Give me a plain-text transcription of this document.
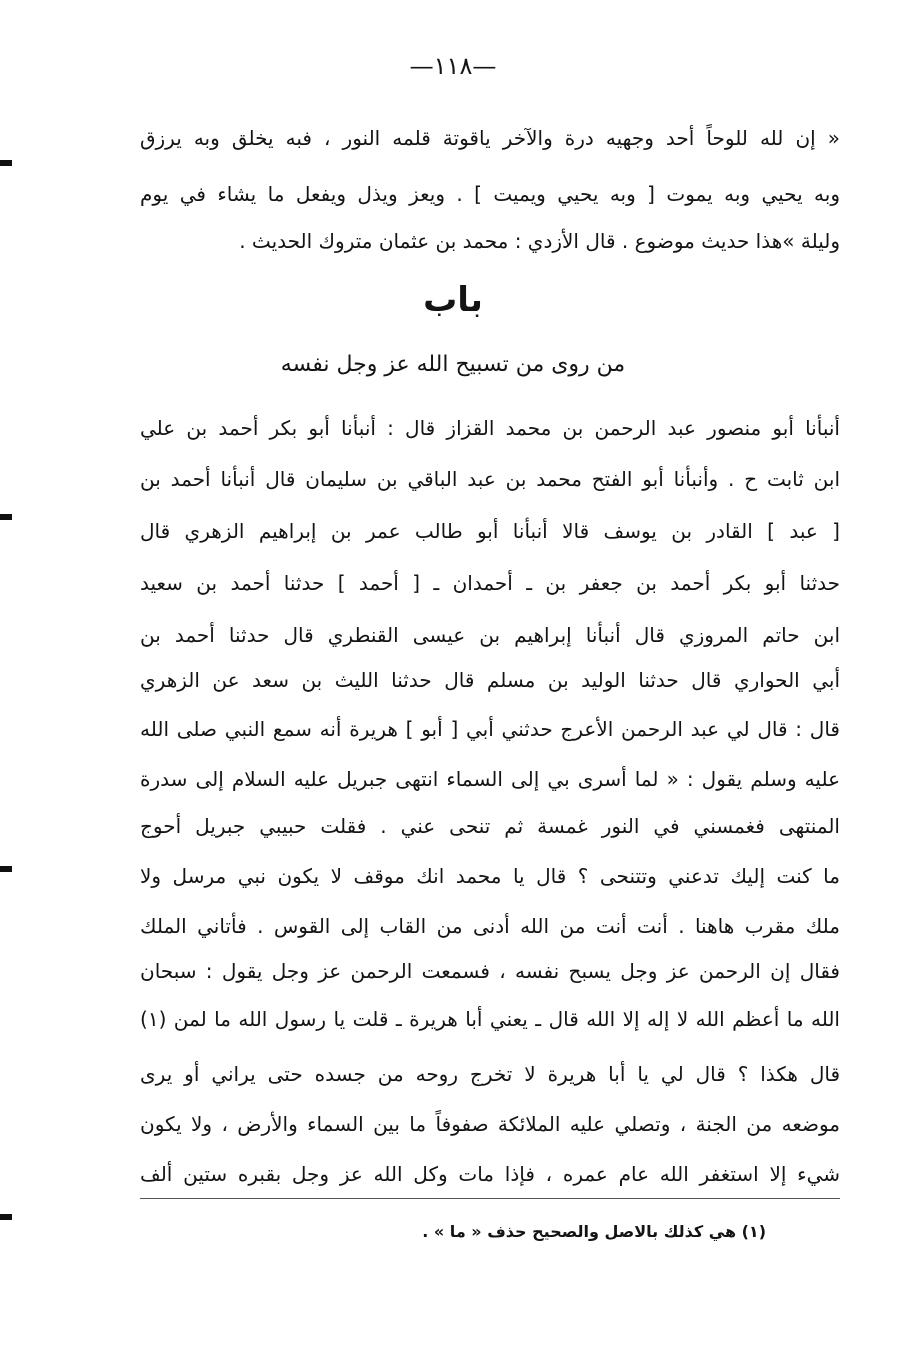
—١١٨—
« إن لله للوحاً أحد وجهيه درة والآخر ياقوتة قلمه النور ، فبه يخلق وبه يرزق
وبه يحيي وبه يموت [ وبه يحيي ويميت ] . ويعز ويذل ويفعل ما يشاء في يوم
وليلة »هذا حديث موضوع . قال الأزدي : محمد بن عثمان متروك الحديث .
باب
من روى من تسبيح الله عز وجل نفسه
أنبأنا أبو منصور عبد الرحمن بن محمد القزاز قال : أنبأنا أبو بكر أحمد بن علي
ابن ثابت ح . وأنبأنا أبو الفتح محمد بن عبد الباقي بن سليمان قال أنبأنا أحمد بن
[ عبد ] القادر بن يوسف قالا أنبأنا أبو طالب عمر بن إبراهيم الزهري قال
حدثنا أبو بكر أحمد بن جعفر بن ـ أحمدان ـ [ أحمد ] حدثنا أحمد بن سعيد
ابن حاتم المروزي قال أنبأنا إبراهيم بن عيسى القنطري قال حدثنا أحمد بن
أبي الحواري قال حدثنا الوليد بن مسلم قال حدثنا الليث بن سعد عن الزهري
قال : قال لي عبد الرحمن الأعرج حدثني أبي [ أبو ] هريرة أنه سمع النبي صلى الله
عليه وسلم يقول : « لما أسرى بي إلى السماء انتهى جبريل عليه السلام إلى سدرة
المنتهى فغمسني في النور غمسة ثم تنحى عني . فقلت حبيبي جبريل أحوج
ما كنت إليك تدعني وتتنحى ؟ قال يا محمد انك موقف لا يكون نبي مرسل ولا
ملك مقرب هاهنا . أنت أنت من الله أدنى من القاب إلى القوس . فأتاني الملك
فقال إن الرحمن عز وجل يسبح نفسه ، فسمعت الرحمن عز وجل يقول : سبحان
الله ما أعظم الله لا إله إلا الله قال ـ يعني أبا هريرة ـ قلت يا رسول الله ما لمن (١)
قال هكذا ؟ قال لي يا أبا هريرة لا تخرج روحه من جسده حتى يراني أو يرى
موضعه من الجنة ، وتصلي عليه الملائكة صفوفاً ما بين السماء والأرض ، ولا يكون
شيء إلا استغفر الله عام عمره ، فإذا مات وكل الله عز وجل بقبره ستين ألف
(١) هي كذلك بالاصل والصحيح حذف « ما » .
